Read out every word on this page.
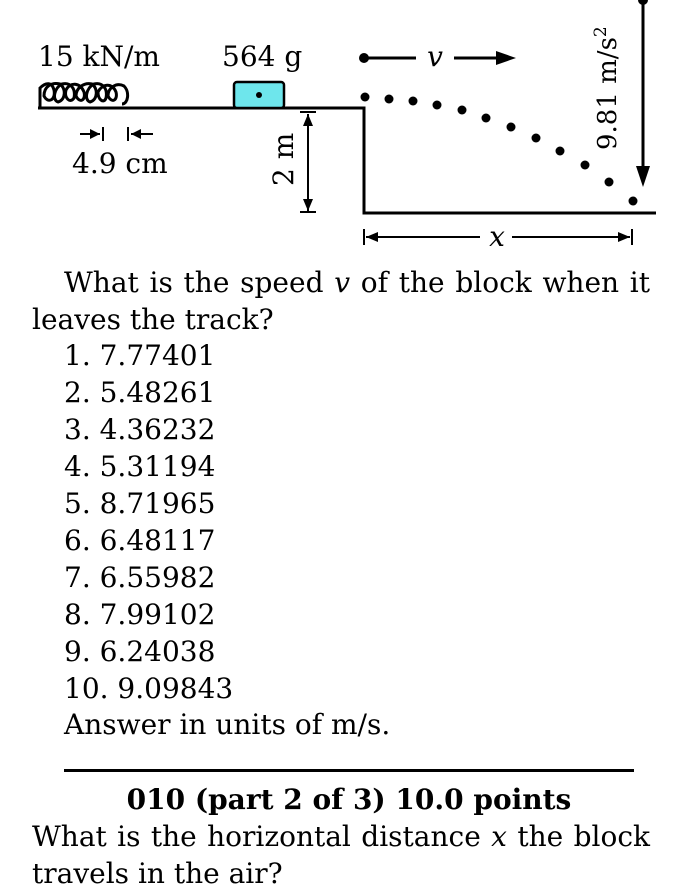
15 kN/m 564 g
4.9 cm	2 m
v	9.81 $m/s^2$
x
What is the speed v of the block when it leaves the track?
1. 7.77401
2. 5.48261
3. 4.36232
4. 5.31194
5. 8.71965
6. 6.48117
7. 6.55982
8. 7.99102
9. 6.24038
10. 9.09843
Answer in units of m/s.
010 (part 2 of 3) 10.0 points
What is the horizontal distance x the block travels in the air?
